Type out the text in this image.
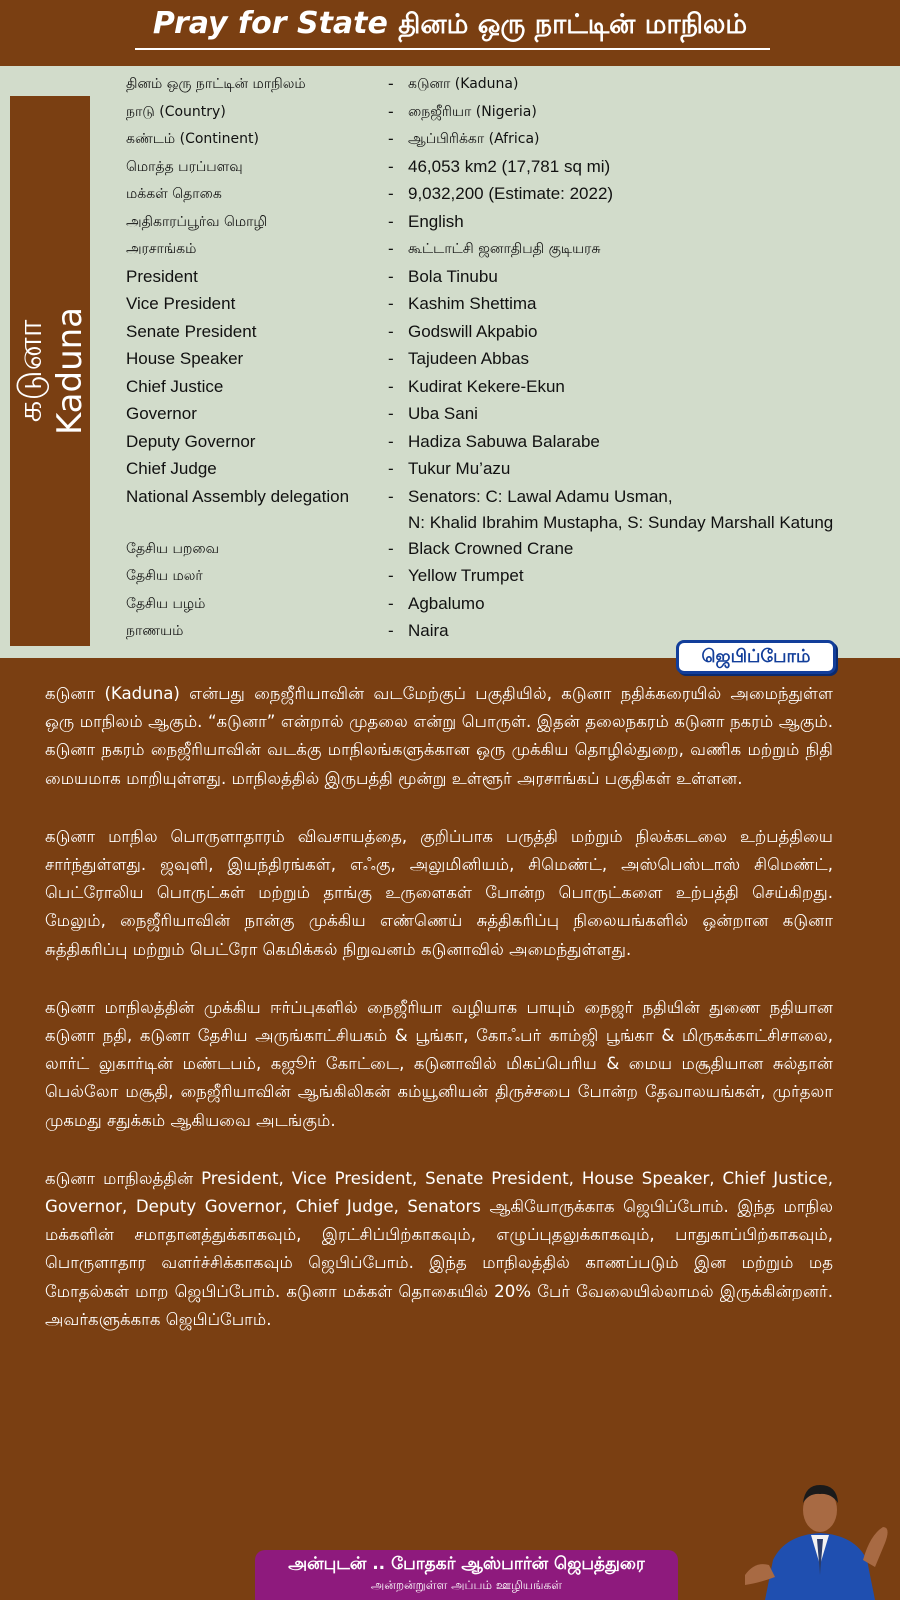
Pray for State தினம் ஒரு நாட்டின் மாநிலம்
கடுனா Kaduna
தினம் ஒரு நாட்டின் மாநிலம்	- கடுனா (Kaduna)
நாடு (Country)	- நைஜீரியா (Nigeria)
கண்டம் (Continent)	- ஆப்பிரிக்கா (Africa)
மொத்த பரப்பளவு	- 46,053 km2 (17,781 sq mi)
மக்கள் தொகை	- 9,032,200 (Estimate: 2022)
அதிகாரப்பூர்வ மொழி	- English
அரசாங்கம்	- கூட்டாட்சி ஜனாதிபதி குடியரசு
President	- Bola Tinubu
Vice President	- Kashim Shettima
Senate President	- Godswill Akpabio
House Speaker	- Tajudeen Abbas
Chief Justice	- Kudirat Kekere-Ekun
Governor	- Uba Sani
Deputy Governor	- Hadiza Sabuwa Balarabe
Chief Judge	- Tukur Mu’azu
National Assembly delegation - Senators: C: Lawal Adamu Usman,
N: Khalid Ibrahim Mustapha, S: Sunday Marshall Katung
தேசிய பறவை	- Black Crowned Crane
தேசிய மலர்	- Yellow Trumpet
தேசிய பழம்	- Agbalumo
நாணயம்	- Naira
ஜெபிப்போம்

கடுனா (Kaduna) என்பது நைஜீரியாவின் வடமேற்குப் பகுதியில், கடுனா நதிக்கரையில் அமைந்துள்ள ஒரு மாநிலம் ஆகும். “கடுனா” என்றால் முதலை என்று பொருள். இதன் தலைநகரம் கடுனா நகரம் ஆகும். கடுனா நகரம் நைஜீரியாவின் வடக்கு மாநிலங்களுக்கான ஒரு முக்கிய தொழில்துறை, வணிக மற்றும் நிதி மையமாக மாறியுள்ளது. மாநிலத்தில் இருபத்தி மூன்று உள்ளூர் அரசாங்கப் பகுதிகள் உள்ளன.

கடுனா மாநில பொருளாதாரம் விவசாயத்தை, குறிப்பாக பருத்தி மற்றும் நிலக்கடலை உற்பத்தியை சார்ந்துள்ளது. ஜவுளி, இயந்திரங்கள், எஃகு, அலுமினியம், சிமெண்ட், அஸ்பெஸ்டாஸ் சிமெண்ட், பெட்ரோலிய பொருட்கள் மற்றும் தாங்கு உருளைகள் போன்ற பொருட்களை உற்பத்தி செய்கிறது. மேலும், நைஜீரியாவின் நான்கு முக்கிய எண்ணெய் சுத்திகரிப்பு நிலையங்களில் ஒன்றான கடுனா சுத்திகரிப்பு மற்றும் பெட்ரோ கெமிக்கல் நிறுவனம் கடுனாவில் அமைந்துள்ளது.

கடுனா மாநிலத்தின் முக்கிய ஈர்ப்புகளில் நைஜீரியா வழியாக பாயும் நைஜர் நதியின் துணை நதியான கடுனா நதி, கடுனா தேசிய அருங்காட்சியகம் & பூங்கா, கோஃபர் காம்ஜி பூங்கா & மிருகக்காட்சிசாலை, லார்ட் லுகார்டின் மண்டபம், கஜூர் கோட்டை, கடுனாவில் மிகப்பெரிய & மைய மசூதியான சுல்தான் பெல்லோ மசூதி, நைஜீரியாவின் ஆங்கிலிகன் கம்யூனியன் திருச்சபை போன்ற தேவாலயங்கள், முர்தலா முகமது சதுக்கம் ஆகியவை அடங்கும்.

கடுனா மாநிலத்தின் President, Vice President, Senate President, House Speaker, Chief Justice, Governor, Deputy Governor, Chief Judge, Senators ஆகியோருக்காக ஜெபிப்போம். இந்த மாநில மக்களின் சமாதானத்துக்காகவும், இரட்சிப்பிற்காகவும், எழுப்புதலுக்காகவும், பாதுகாப்பிற்காகவும், பொருளாதார வளர்ச்சிக்காகவும் ஜெபிப்போம். இந்த மாநிலத்தில் காணப்படும் இன மற்றும் மத மோதல்கள் மாற ஜெபிப்போம். கடுனா மக்கள் தொகையில் 20% பேர் வேலையில்லாமல் இருக்கின்றனர். அவர்களுக்காக ஜெபிப்போம்.

அன்புடன் .. போதகர் ஆஸ்பார்ன் ஜெபத்துரை
அன்றன்றுள்ள அப்பம் ஊழியங்கள்
